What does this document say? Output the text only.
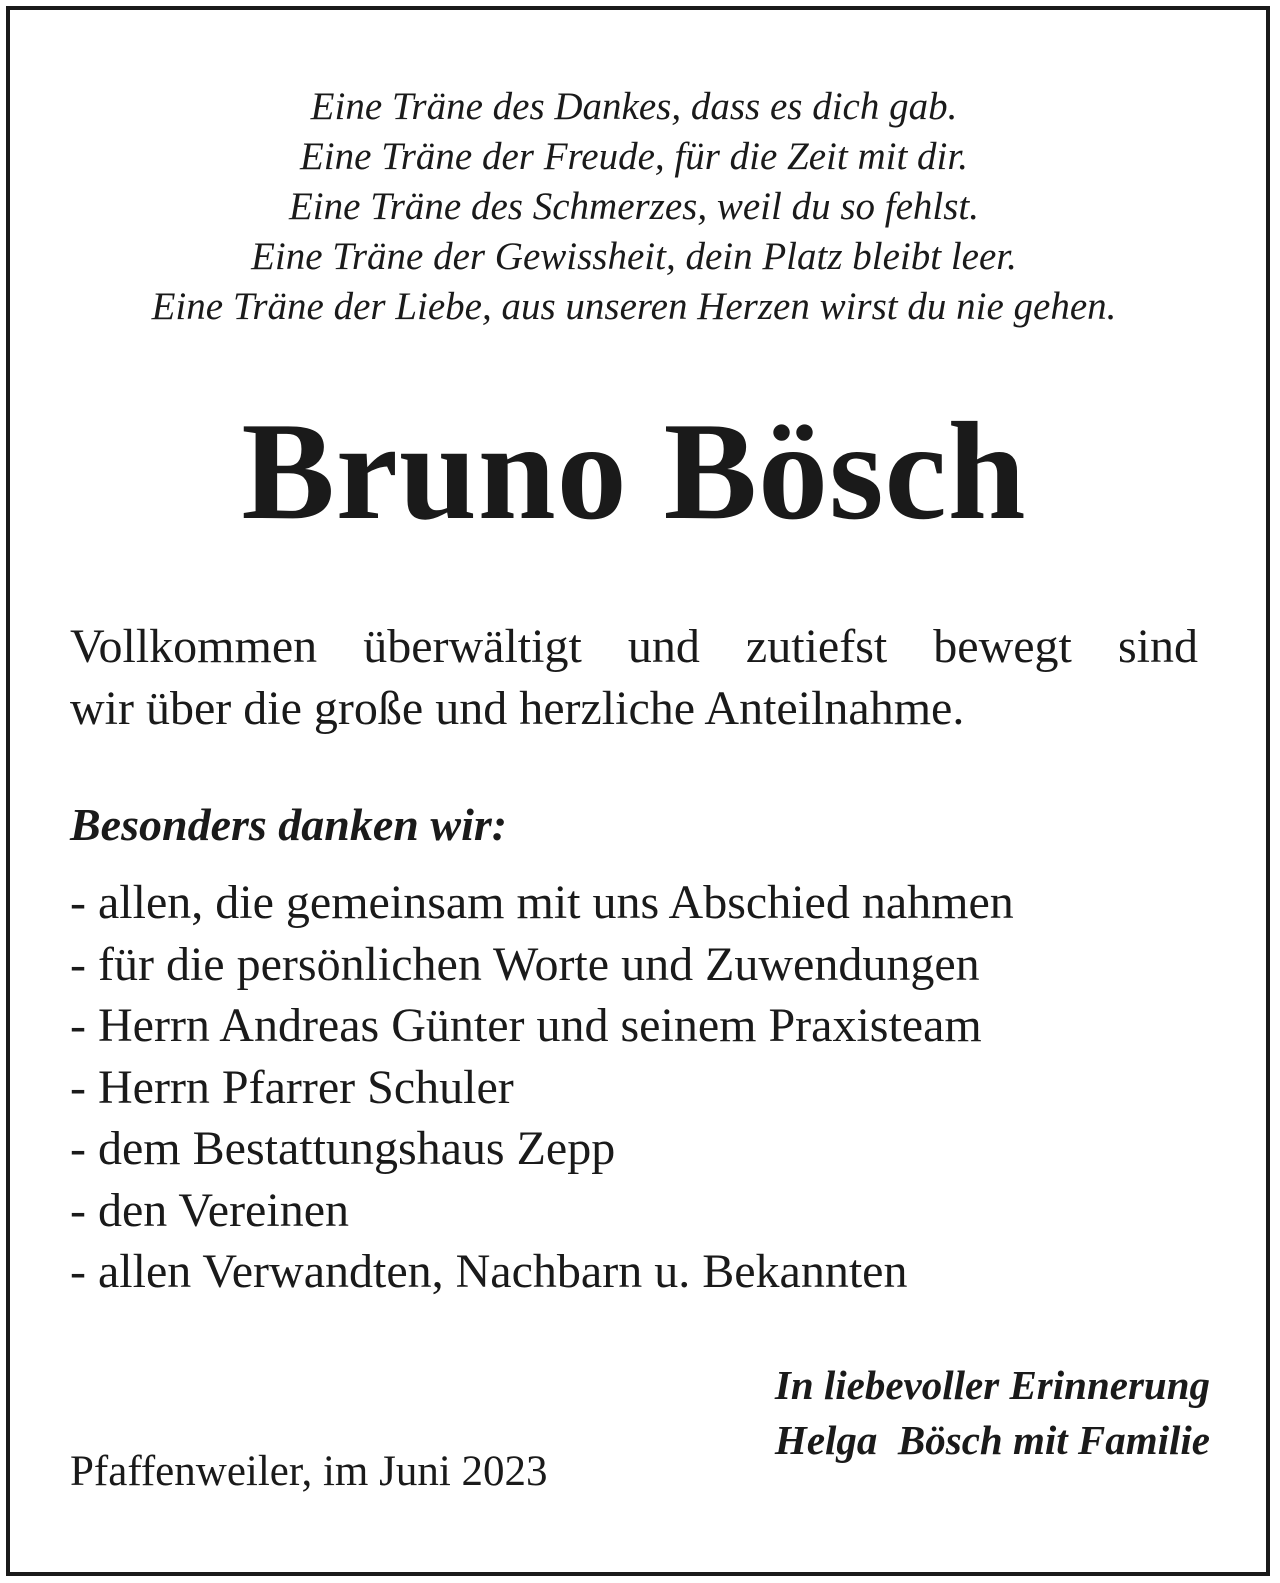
Eine Träne des Dankes, dass es dich gab.
Eine Träne der Freude, für die Zeit mit dir.
Eine Träne des Schmerzes, weil du so fehlst.
Eine Träne der Gewissheit, dein Platz bleibt leer.
Eine Träne der Liebe, aus unseren Herzen wirst du nie gehen.
Bruno Bösch
Vollkommen überwältigt und zutiefst bewegt sind
wir über die große und herzliche Anteilnahme.
Besonders danken wir:
- allen, die gemeinsam mit uns Abschied nahmen
- für die persönlichen Worte und Zuwendungen
- Herrn Andreas Günter und seinem Praxisteam
- Herrn Pfarrer Schuler
- dem Bestattungshaus Zepp
- den Vereinen
- allen Verwandten, Nachbarn u. Bekannten
In liebevoller Erinnerung
Helga  Bösch mit Familie
Pfaffenweiler, im Juni 2023
